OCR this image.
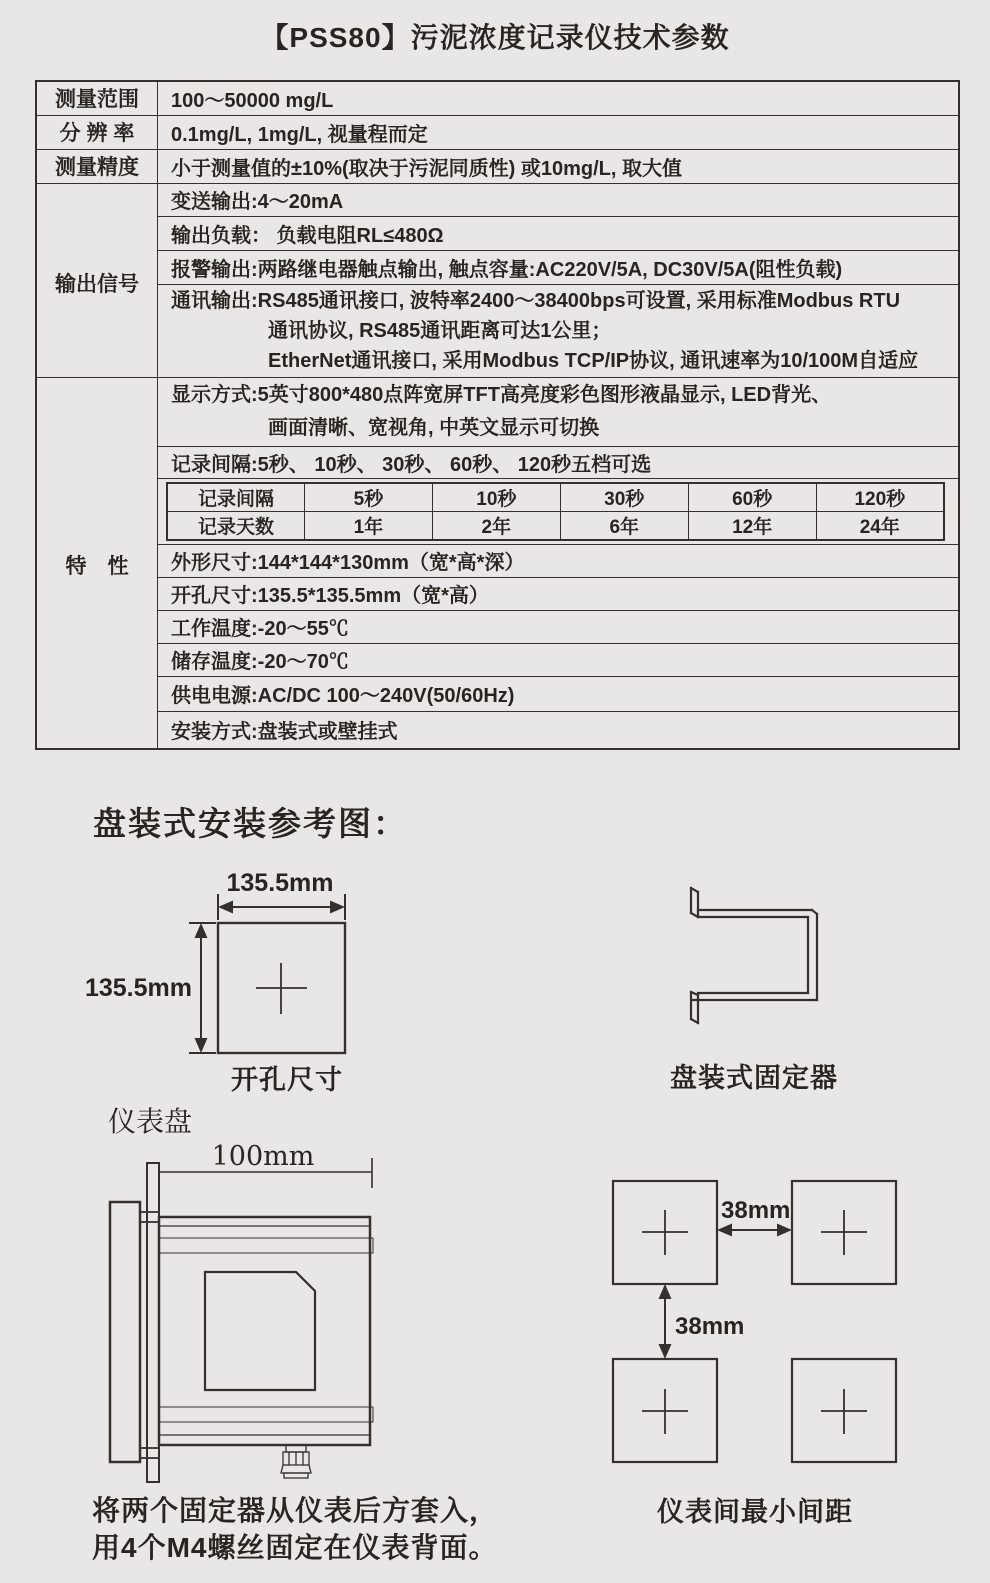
【PSS80】污泥浓度记录仪技术参数
测量范围	100～50000 mg/L
分 辨 率	0.1mg/L, 1mg/L, 视量程而定
测量精度	小于测量值的±10%(取决于污泥同质性) 或10mg/L, 取大值
输出信号	变送输出:4～20mA
输出负载： 负载电阻RL≤480Ω
报警输出:两路继电器触点输出, 触点容量:AC220V/5A, DC30V/5A(阻性负载)

通讯输出:RS485通讯接口, 波特率2400～38400bps可设置, 采用标准Modbus RTU
通讯协议, RS485通讯距离可达1公里；
EtherNet通讯接口, 采用Modbus TCP/IP协议, 通讯速率为10/100M自适应

特　性	
显示方式:5英寸800*480点阵宽屏TFT高亮度彩色图形液晶显示, LED背光、
画面清晰、宽视角, 中英文显示可切换

记录间隔:5秒、 10秒、 30秒、 60秒、 120秒五档可选

记录间隔	5秒	10秒	30秒	60秒	120秒
记录天数	1年	2年	6年	12年	24年

外形尺寸:144*144*130mm（宽*高*深）
开孔尺寸:135.5*135.5mm（宽*高）
工作温度:-20～55℃
储存温度:-20～70℃
供电电源:AC/DC 100～240V(50/60Hz)
安装方式:盘装式或壁挂式
盘装式安装参考图：
135.5mm
135.5mm
开孔尺寸	盘装式固定器
仪表盘
100mm
38mm
38mm
仪表间最小间距
将两个固定器从仪表后方套入，
用4个M4螺丝固定在仪表背面。
